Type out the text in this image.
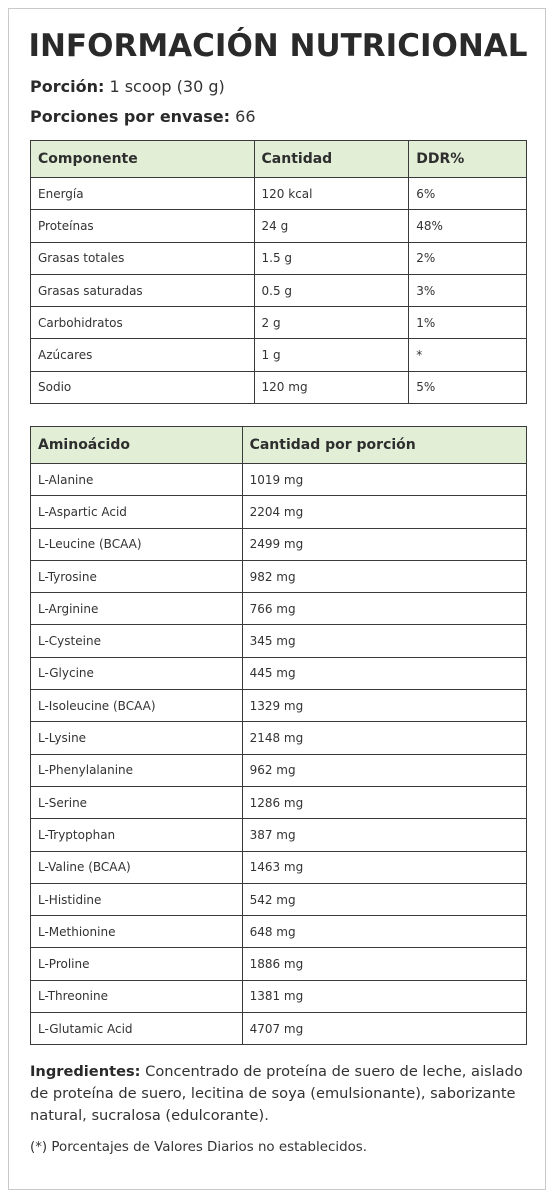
INFORMACIÓN NUTRICIONAL
Porción: 1 scoop (30 g)
Porciones por envase: 66
Componente	Cantidad	DDR%
Energía	120 kcal	6%
Proteínas	24 g	48%
Grasas totales	1.5 g	2%
Grasas saturadas	0.5 g	3%
Carbohidratos	2 g	1%
Azúcares	1 g	*
Sodio	120 mg	5%
Aminoácido	Cantidad por porción
L-Alanine	1019 mg
L-Aspartic Acid	2204 mg
L-Leucine (BCAA)	2499 mg
L-Tyrosine	982 mg
L-Arginine	766 mg
L-Cysteine	345 mg
L-Glycine	445 mg
L-Isoleucine (BCAA)	1329 mg
L-Lysine	2148 mg
L-Phenylalanine	962 mg
L-Serine	1286 mg
L-Tryptophan	387 mg
L-Valine (BCAA)	1463 mg
L-Histidine	542 mg
L-Methionine	648 mg
L-Proline	1886 mg
L-Threonine	1381 mg
L-Glutamic Acid	4707 mg
Ingredientes: Concentrado de proteína de suero de leche, aislado de proteína de suero, lecitina de soya (emulsionante), saborizante natural, sucralosa (edulcorante).
(*) Porcentajes de Valores Diarios no establecidos.
